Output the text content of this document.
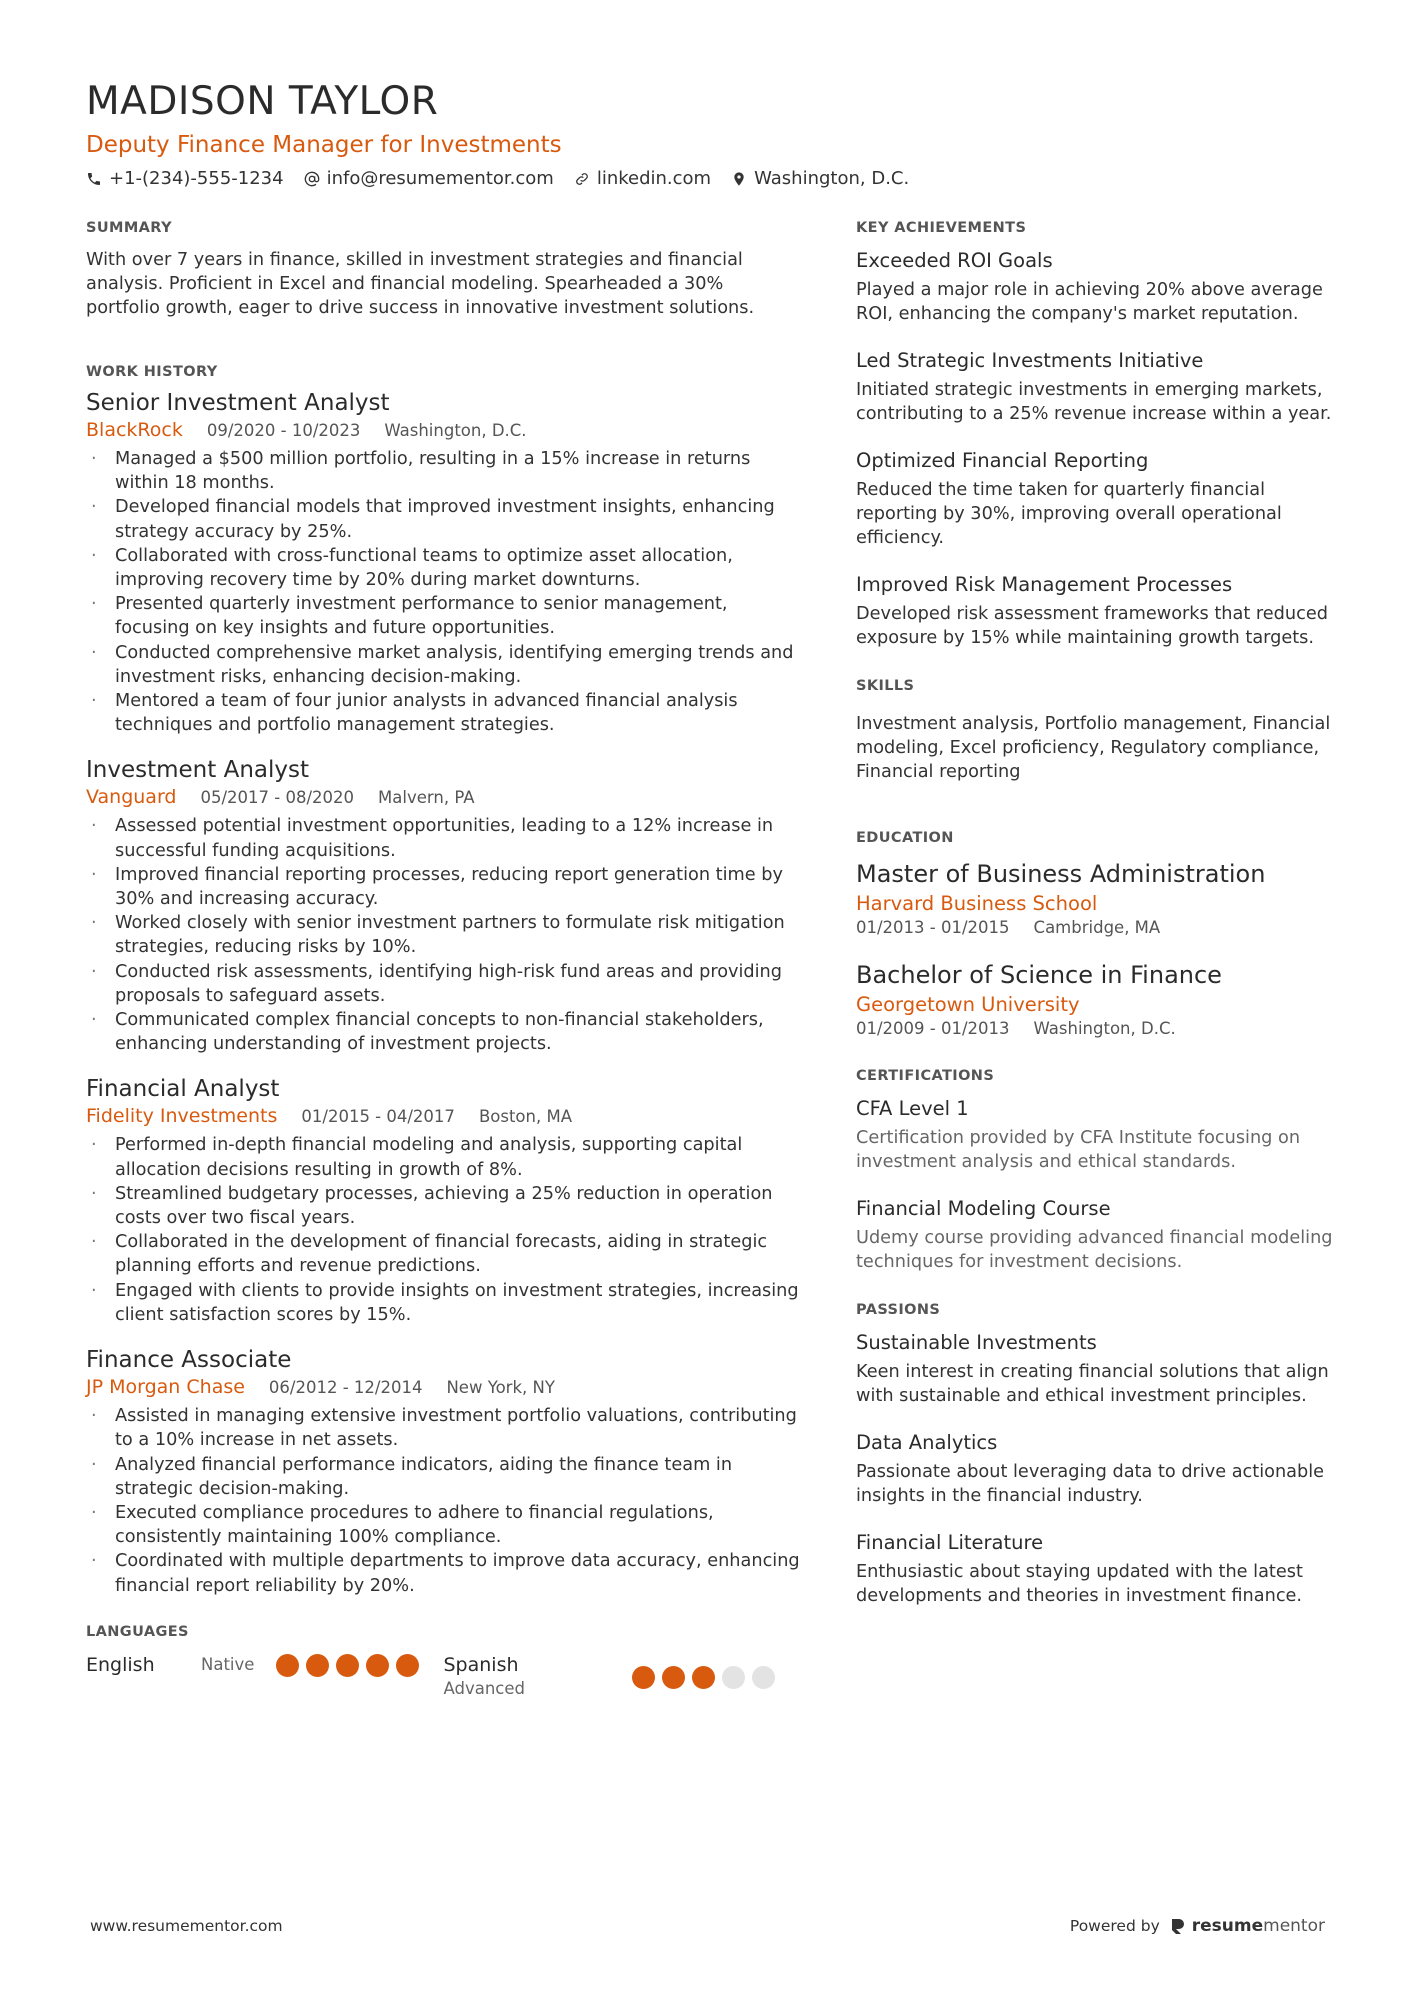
MADISON TAYLOR
Deputy Finance Manager for Investments
+1-(234)-555-1234 info@resumementor.com linkedin.com Washington, D.C.
SUMMARY

With over 7 years in finance, skilled in investment strategies and financial analysis. Proficient in Excel and financial modeling. Spearheaded a 30% portfolio growth, eager to drive success in innovative investment solutions.

WORK HISTORY
Senior Investment Analyst
BlackRock 09/2020 - 10/2023 Washington, D.C.
· Managed a $500 million portfolio, resulting in a 15% increase in returns within 18 months.
· Developed financial models that improved investment insights, enhancing strategy accuracy by 25%.
· Collaborated with cross-functional teams to optimize asset allocation, improving recovery time by 20% during market downturns.
· Presented quarterly investment performance to senior management, focusing on key insights and future opportunities.
· Conducted comprehensive market analysis, identifying emerging trends and investment risks, enhancing decision-making.
· Mentored a team of four junior analysts in advanced financial analysis techniques and portfolio management strategies.
Investment Analyst
Vanguard 05/2017 - 08/2020 Malvern, PA
· Assessed potential investment opportunities, leading to a 12% increase in successful funding acquisitions.
· Improved financial reporting processes, reducing report generation time by 30% and increasing accuracy.
· Worked closely with senior investment partners to formulate risk mitigation strategies, reducing risks by 10%.
· Conducted risk assessments, identifying high-risk fund areas and providing proposals to safeguard assets.
· Communicated complex financial concepts to non-financial stakeholders, enhancing understanding of investment projects.
Financial Analyst
Fidelity Investments 01/2015 - 04/2017 Boston, MA
· Performed in-depth financial modeling and analysis, supporting capital allocation decisions resulting in growth of 8%.
· Streamlined budgetary processes, achieving a 25% reduction in operation costs over two fiscal years.
· Collaborated in the development of financial forecasts, aiding in strategic planning efforts and revenue predictions.
· Engaged with clients to provide insights on investment strategies, increasing client satisfaction scores by 15%.
Finance Associate
JP Morgan Chase 06/2012 - 12/2014 New York, NY
· Assisted in managing extensive investment portfolio valuations, contributing to a 10% increase in net assets.
· Analyzed financial performance indicators, aiding the finance team in strategic decision-making.
· Executed compliance procedures to adhere to financial regulations, consistently maintaining 100% compliance.
· Coordinated with multiple departments to improve data accuracy, enhancing financial report reliability by 20%.
LANGUAGES
English	Native	Spanish
Advanced
KEY ACHIEVEMENTS
Exceeded ROI Goals

Played a major role in achieving 20% above average ROI, enhancing the company's market reputation.

Led Strategic Investments Initiative

Initiated strategic investments in emerging markets, contributing to a 25% revenue increase within a year.

Optimized Financial Reporting

Reduced the time taken for quarterly financial reporting by 30%, improving overall operational efficiency.

Improved Risk Management Processes

Developed risk assessment frameworks that reduced exposure by 15% while maintaining growth targets.

SKILLS

Investment analysis, Portfolio management, Financial modeling, Excel proficiency, Regulatory compliance, Financial reporting

EDUCATION
Master of Business Administration
Harvard Business School
01/2013 - 01/2015 Cambridge, MA
Bachelor of Science in Finance
Georgetown University
01/2009 - 01/2013 Washington, D.C.
CERTIFICATIONS
CFA Level 1

Certification provided by CFA Institute focusing on investment analysis and ethical standards.

Financial Modeling Course

Udemy course providing advanced financial modeling techniques for investment decisions.

PASSIONS
Sustainable Investments

Keen interest in creating financial solutions that align with sustainable and ethical investment principles.

Data Analytics

Passionate about leveraging data to drive actionable insights in the financial industry.

Financial Literature

Enthusiastic about staying updated with the latest developments and theories in investment finance.

www.resumementor.com	Powered by resumementor
